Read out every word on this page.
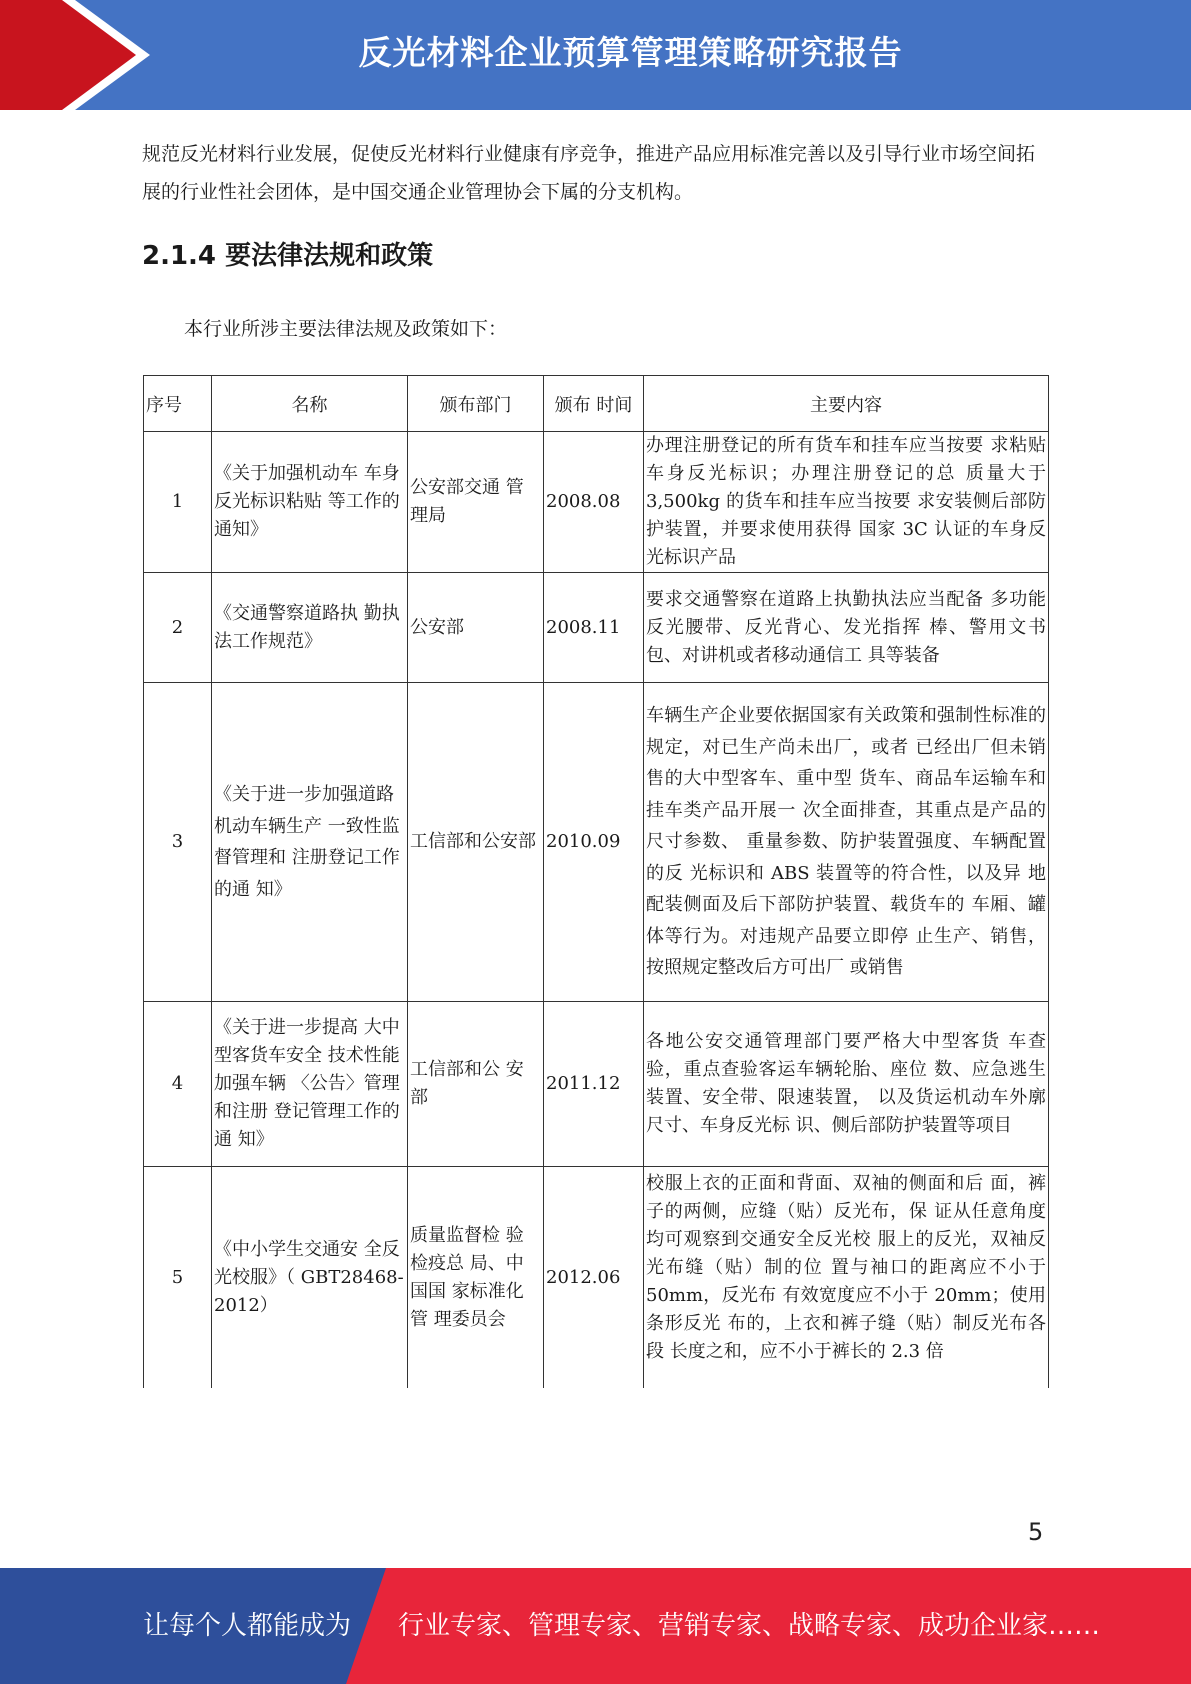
反光材料企业预算管理策略研究报告

规范反光材料行业发展，促使反光材料行业健康有序竞争，推进产品应用标准完善以及引导行业市场空间拓展的行业性社会团体，是中国交通企业管理协会下属的分支机构。

2.1.4 要法律法规和政策

本行业所涉主要法律法规及政策如下：

序号	名称	颁布部门	颁布 时间	主要内容
1	《关于加强机动车 车身反光标识粘贴 等工作的通知》	公安部交通 管理局	2008.08	办理注册登记的所有货车和挂车应当按要 求粘贴车身反光标识；办理注册登记的总 质量大于 3,500kg 的货车和挂车应当按要 求安装侧后部防护装置，并要求使用获得 国家 3C 认证的车身反光标识产品
2	《交通警察道路执 勤执法工作规范》	公安部	2008.11	要求交通警察在道路上执勤执法应当配备 多功能反光腰带、反光背心、发光指挥 棒、警用文书包、对讲机或者移动通信工 具等装备
3	《关于进一步加强道路机动车辆生产 一致性监督管理和 注册登记工作的通 知》	工信部和公安部	2010.09	车辆生产企业要依据国家有关政策和强制性标准的规定，对已生产尚未出厂，或者 已经出厂但未销售的大中型客车、重中型 货车、商品车运输车和挂车类产品开展一 次全面排查，其重点是产品的尺寸参数、 重量参数、防护装置强度、车辆配置的反 光标识和 ABS 装置等的符合性，以及异 地配装侧面及后下部防护装置、载货车的 车厢、罐体等行为。对违规产品要立即停 止生产、销售，按照规定整改后方可出厂 或销售
4	《关于进一步提高 大中型客货车安全 技术性能加强车辆 〈公告〉管理和注册 登记管理工作的通 知》	工信部和公 安部	2011.12	各地公安交通管理部门要严格大中型客货 车查验，重点查验客运车辆轮胎、座位 数、应急逃生装置、安全带、限速装置， 以及货运机动车外廓尺寸、车身反光标 识、侧后部防护装置等项目
5	《中小学生交通安 全反光校服》（ GBT28468-2012）	质量监督检 验检疫总 局、中国国 家标准化管 理委员会	2012.06	校服上衣的正面和背面、双袖的侧面和后 面，裤子的两侧，应缝（贴）反光布，保 证从任意角度均可观察到交通安全反光校 服上的反光，双袖反光布缝（贴）制的位 置与袖口的距离应不小于 50mm，反光布 有效宽度应不小于 20mm；使用条形反光 布的，上衣和裤子缝（贴）制反光布各段 长度之和，应不小于裤长的 2.3 倍
5
让每个人都能成为 行业专家、管理专家、营销专家、战略专家、成功企业家……
